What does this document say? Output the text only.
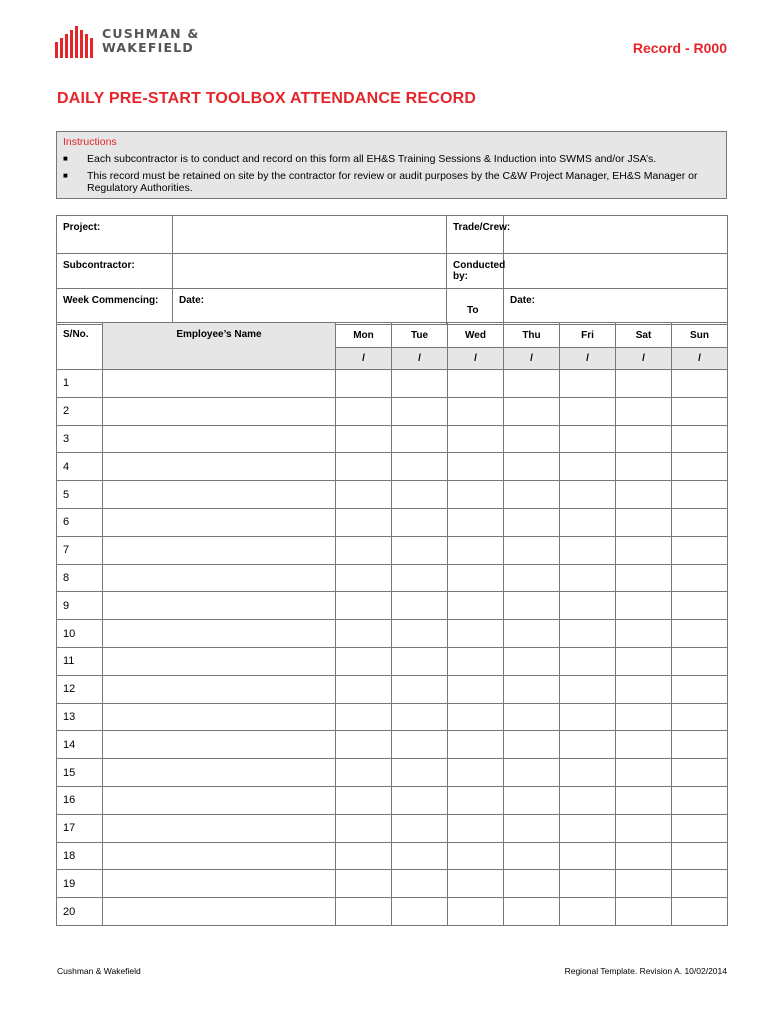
CUSHMAN &
WAKEFIELD	Record - R000
DAILY PRE-START TOOLBOX ATTENDANCE RECORD
Instructions
■ Each subcontractor is to conduct and record on this form all EH&S Training Sessions & Induction into SWMS and/or JSA’s.
■ This record must be retained on site by the contractor for review or audit purposes by the C&W Project Manager, EH&S Manager or Regulatory Authorities.
Project:		Trade/Crew:	
Subcontractor:		Conducted by:	
Week Commencing:	Date:	To	Date:
S/No.	Employee’s Name	Mon	Tue	Wed	Thu	Fri	Sat	Sun
		/	/	/	/	/	/	/
1								
2								
3								
4								
5								
6								
7								
8								
9								
10								
11								
12								
13								
14								
15								
16								
17								
18								
19								
20								
Cushman & Wakefield	Regional Template. Revision A. 10/02/2014
